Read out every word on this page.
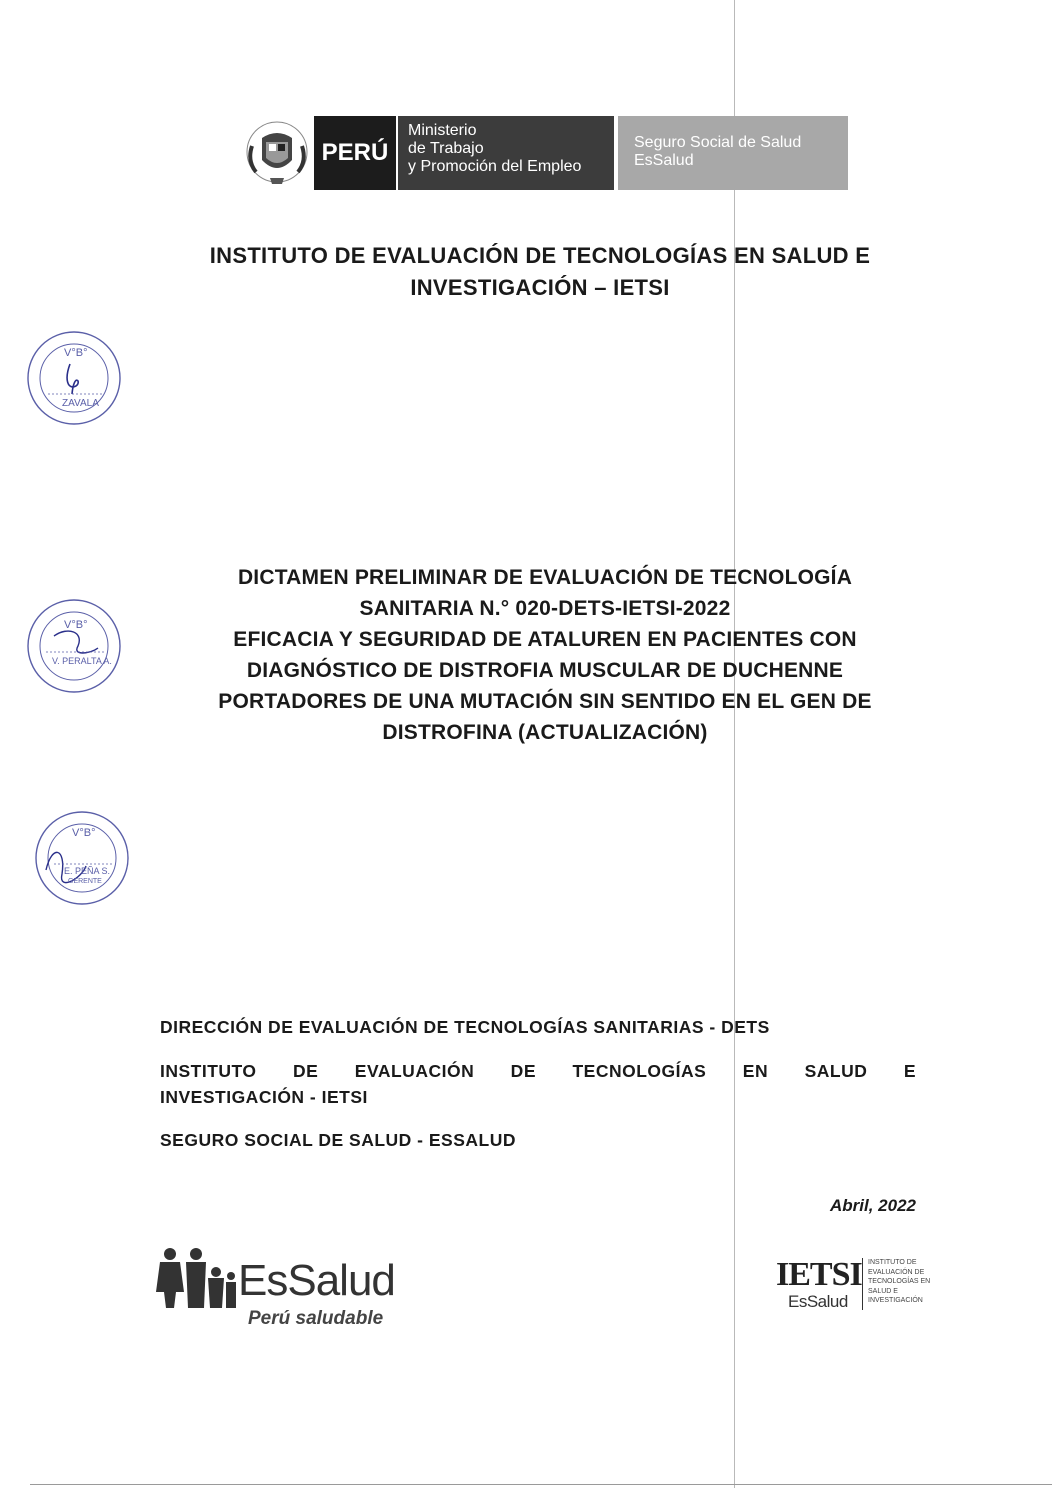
PERÚ
Ministerio
de Trabajo
y Promoción del Empleo
Seguro Social de Salud
EsSalud
INSTITUTO DE EVALUACIÓN DE TECNOLOGÍAS EN SALUD E
INVESTIGACIÓN – IETSI
V°B°
ZAVALA
V°B°
V. PERALTA A.
V°B°
E. PEÑA S.
GERENTE
DICTAMEN PRELIMINAR DE EVALUACIÓN DE TECNOLOGÍA
SANITARIA N.° 020-DETS-IETSI-2022
EFICACIA Y SEGURIDAD DE ATALUREN EN PACIENTES CON
DIAGNÓSTICO DE DISTROFIA MUSCULAR DE DUCHENNE
PORTADORES DE UNA MUTACIÓN SIN SENTIDO EN EL GEN DE
DISTROFINA (ACTUALIZACIÓN)
DIRECCIÓN DE EVALUACIÓN DE TECNOLOGÍAS SANITARIAS - DETS
INSTITUTO DE EVALUACIÓN DE TECNOLOGÍAS EN SALUD E
INVESTIGACIÓN - IETSI
SEGURO SOCIAL DE SALUD - ESSALUD
Abril, 2022
EsSalud
Perú saludable
IETSI
EsSalud
INSTITUTO DE
EVALUACIÓN DE
TECNOLOGÍAS EN
SALUD E
INVESTIGACIÓN
